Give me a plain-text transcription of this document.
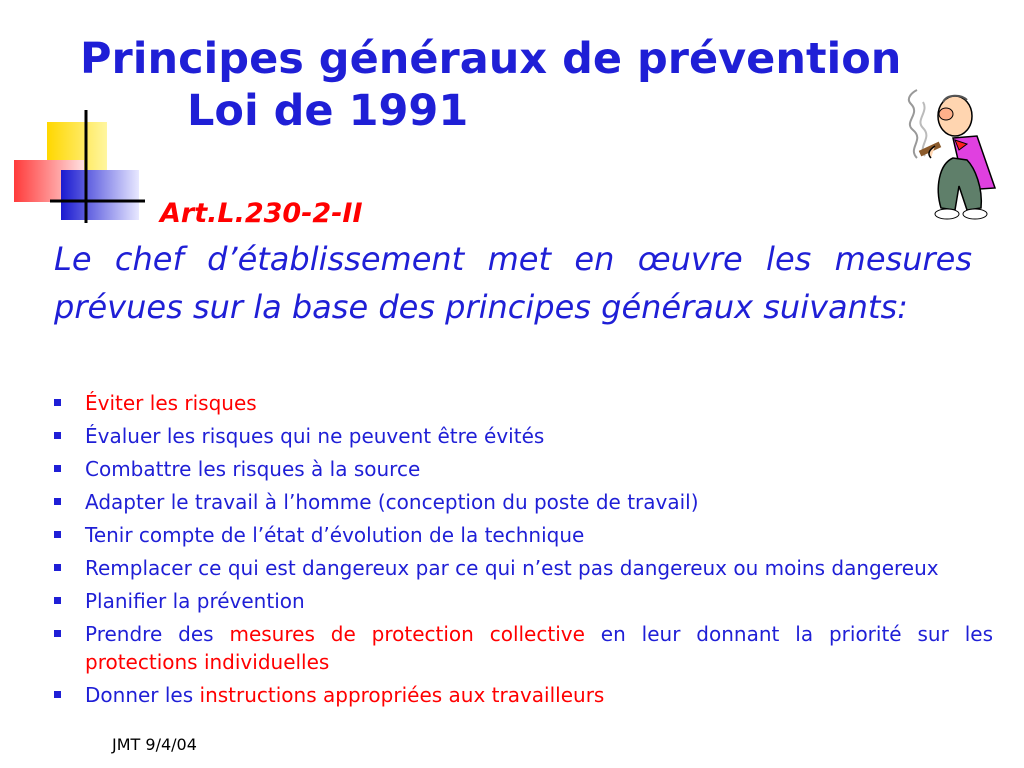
Principes généraux de prévention
Loi de 1991
Art.L.230-2-II
Le chef d’établissement met en œuvre les mesures prévues sur la base des principes généraux suivants:
Éviter les risques
Évaluer les risques qui ne peuvent être évités
Combattre les risques à la source
Adapter le travail à l’homme (conception du poste de travail)
Tenir compte de l’état d’évolution de la technique
Remplacer ce qui est dangereux par ce qui n’est pas dangereux ou moins dangereux
Planifier la prévention
Prendre des mesures de protection collective en leur donnant la priorité sur les protections individuelles
Donner les instructions appropriées aux travailleurs
JMT 9/4/04
